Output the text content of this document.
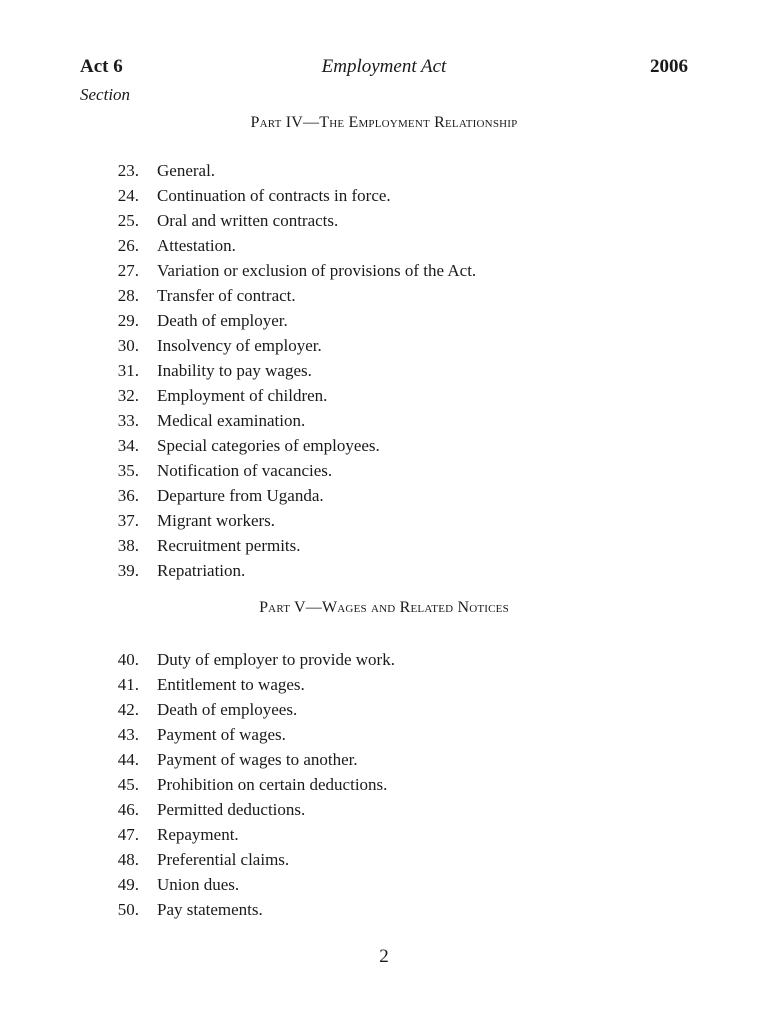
Act 6	Employment Act	2006
Section
Part IV—The Employment Relationship
23. General.
24. Continuation of contracts in force.
25. Oral and written contracts.
26. Attestation.
27. Variation or exclusion of provisions of the Act.
28. Transfer of contract.
29. Death of employer.
30. Insolvency of employer.
31. Inability to pay wages.
32. Employment of children.
33. Medical examination.
34. Special categories of employees.
35. Notification of vacancies.
36. Departure from Uganda.
37. Migrant workers.
38. Recruitment permits.
39. Repatriation.
Part V—Wages and Related Notices
40. Duty of employer to provide work.
41. Entitlement to wages.
42. Death of employees.
43. Payment of wages.
44. Payment of wages to another.
45. Prohibition on certain deductions.
46. Permitted deductions.
47. Repayment.
48. Preferential claims.
49. Union dues.
50. Pay statements.
2
